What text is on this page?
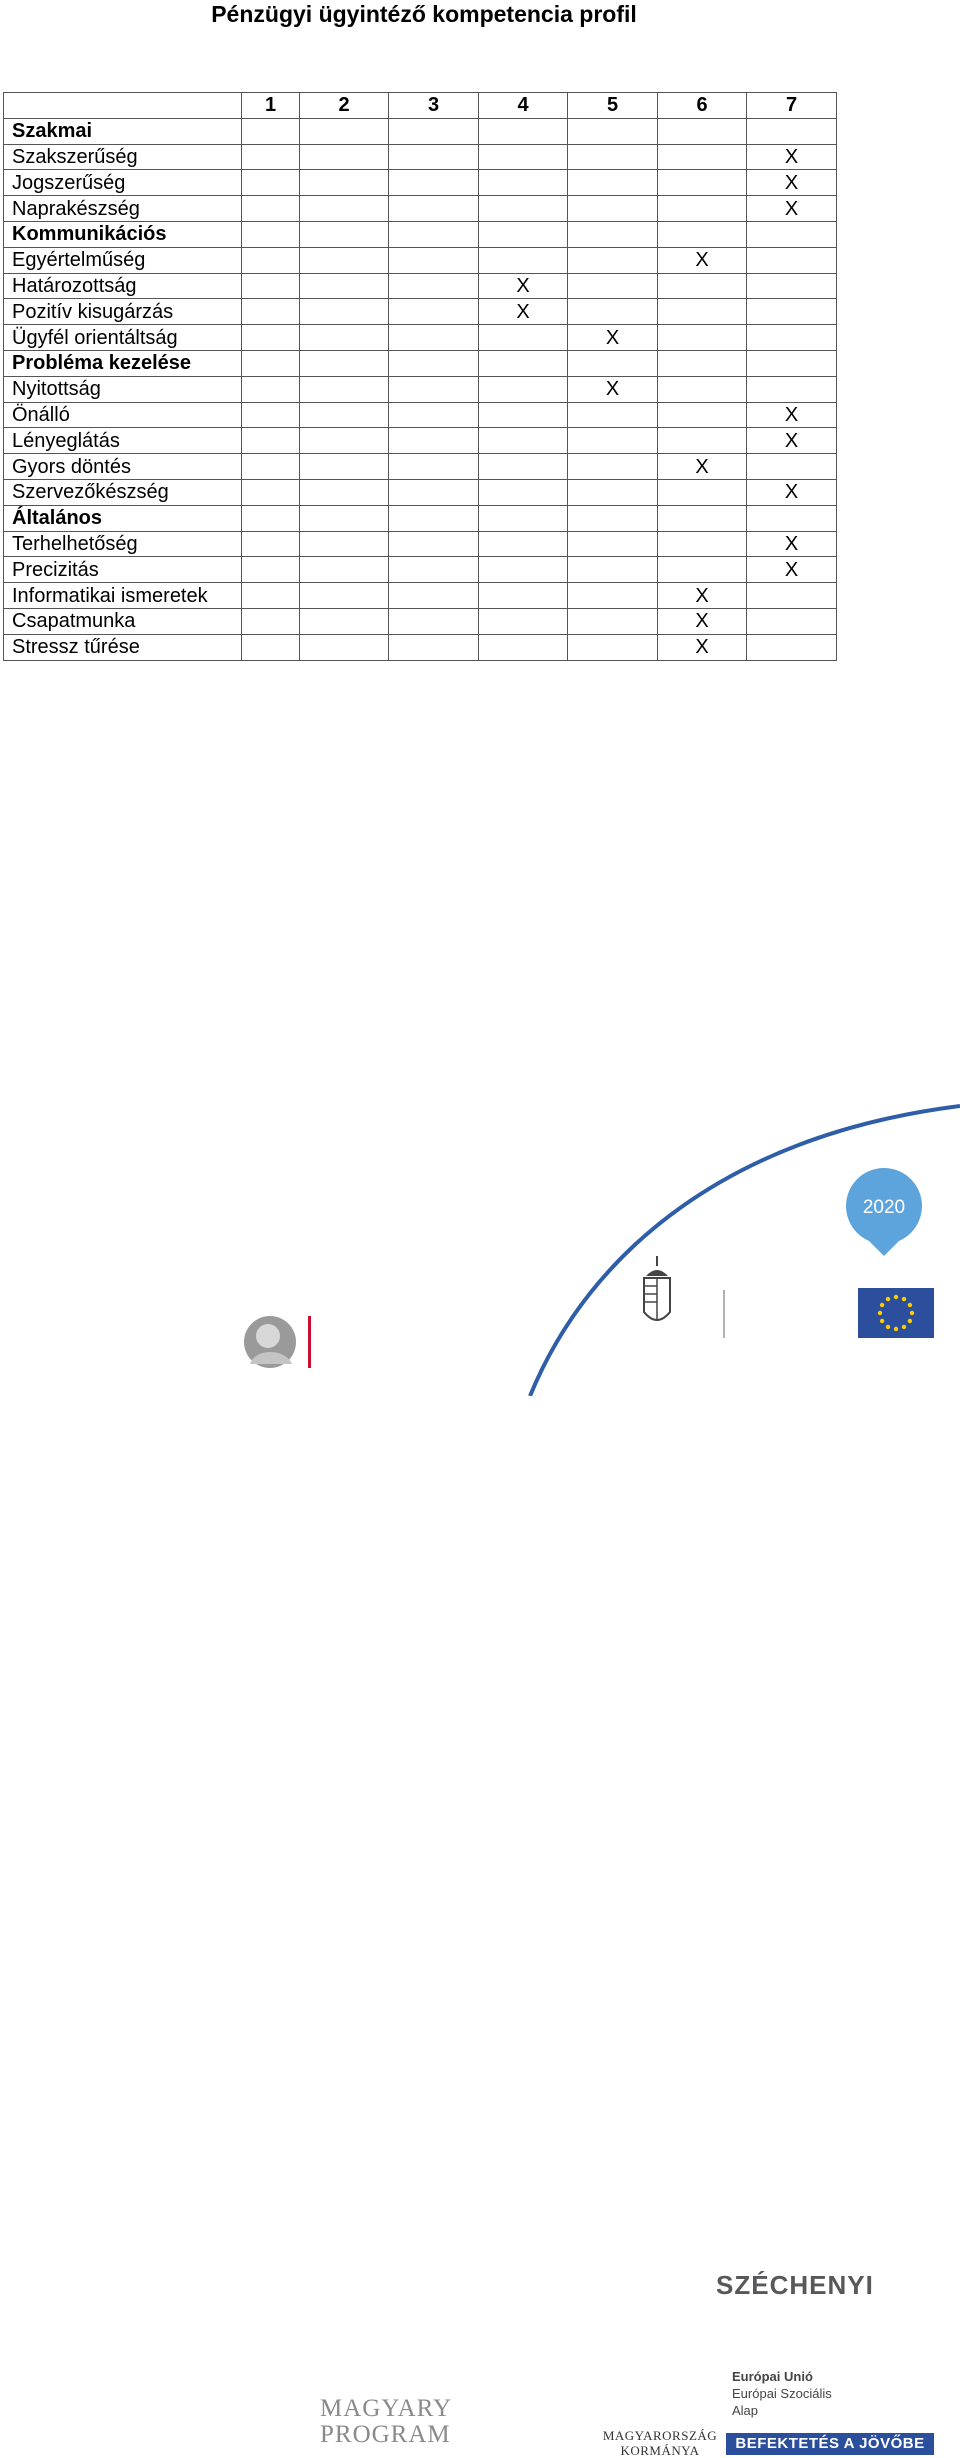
Pénzügyi ügyintéző kompetencia profil
	1	2	3	4	5	6	7
Szakmai							
Szakszerűség							X
Jogszerűség							X
Naprakészség							X
Kommunikációs							
Egyértelműség						X	
Határozottság				X			
Pozitív kisugárzás				X			
Ügyfél orientáltság					X		
Probléma kezelése							
Nyitottság					X		
Önálló							X
Lényeglátás							X
Gyors döntés						X	
Szervezőkészség							X
Általános							
Terhelhetőség							X
Precizitás							X
Informatikai ismeretek						X	
Csapatmunka						X	
Stressz tűrése						X	
2020
SZÉCHENYI
MAGYARY
PROGRAM	MAGYARORSZÁG
KORMÁNYA
Európai Unió
Európai Szociális
Alap
BEFEKTETÉS A JÖVŐBE
